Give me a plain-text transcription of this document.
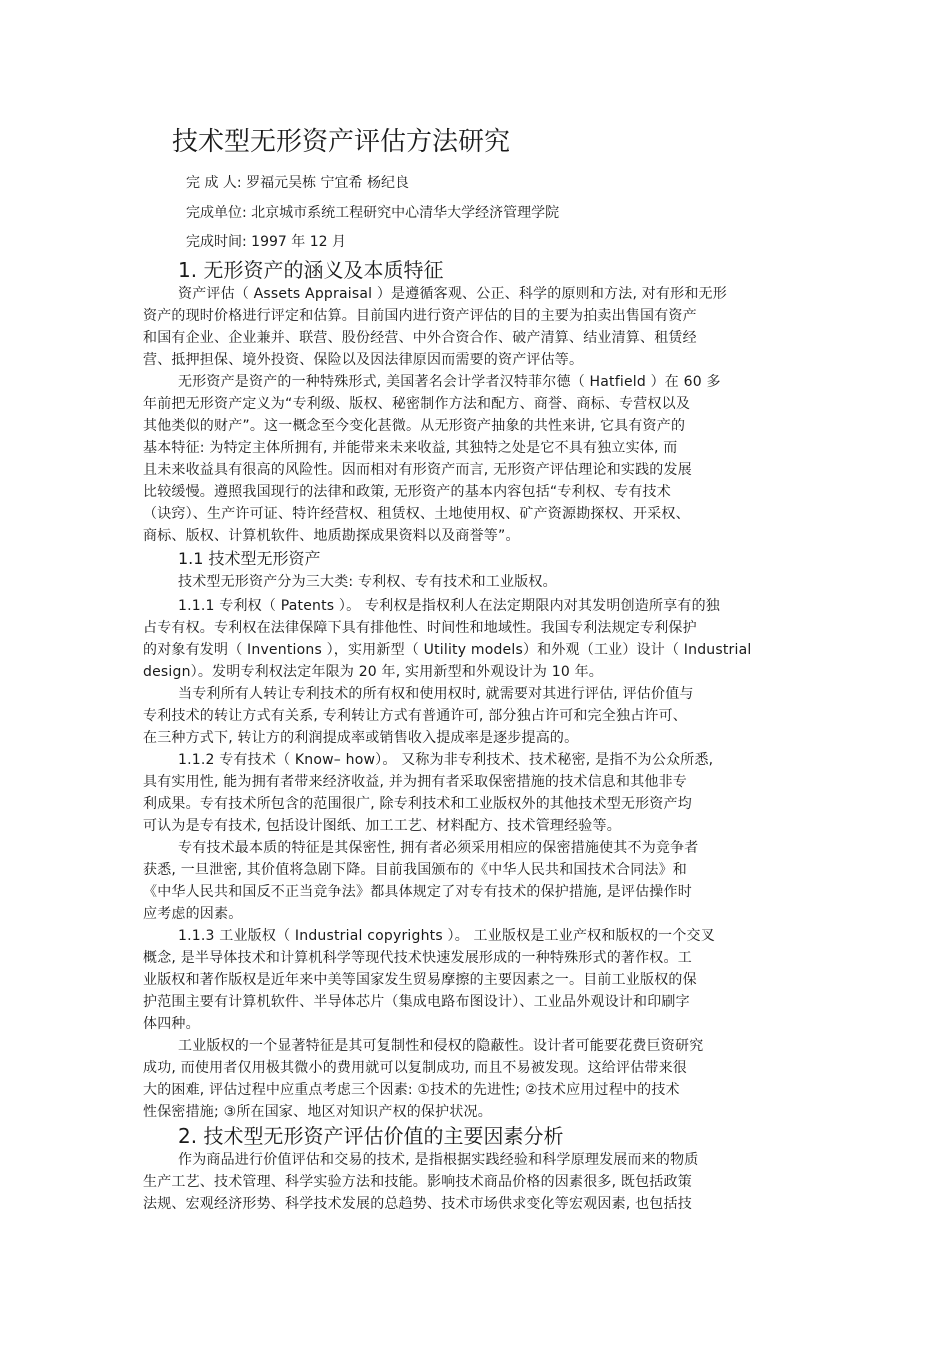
技术型无形资产评估方法研究
完 成 人: 罗福元吴栋 宁宜希 杨纪良
完成单位: 北京城市系统工程研究中心清华大学经济管理学院
完成时间: 1997 年 12 月
1. 无形资产的涵义及本质特征
资产评估（ Assets Appraisal ）是遵循客观、公正、科学的原则和方法, 对有形和无形
资产的现时价格进行评定和估算。目前国内进行资产评估的目的主要为拍卖出售国有资产
和国有企业、企业兼并、联营、股份经营、中外合资合作、破产清算、结业清算、租赁经
营、抵押担保、境外投资、保险以及因法律原因而需要的资产评估等。
无形资产是资产的一种特殊形式, 美国著名会计学者汉特菲尔德（ Hatfield ）在 60 多
年前把无形资产定义为“专利级、版权、秘密制作方法和配方、商誉、商标、专营权以及
其他类似的财产”。这一概念至今变化甚微。从无形资产抽象的共性来讲, 它具有资产的
基本特征: 为特定主体所拥有, 并能带来未来收益, 其独特之处是它不具有独立实体, 而
且未来收益具有很高的风险性。因而相对有形资产而言, 无形资产评估理论和实践的发展
比较缓慢。遵照我国现行的法律和政策, 无形资产的基本内容包括“专利权、专有技术
（诀窍）、生产许可证、特许经营权、租赁权、土地使用权、矿产资源勘探权、开采权、
商标、版权、计算机软件、地质勘探成果资料以及商誉等”。
1.1 技术型无形资产
技术型无形资产分为三大类: 专利权、专有技术和工业版权。
1.1.1 专利权（ Patents ）。 专利权是指权利人在法定期限内对其发明创造所享有的独
占专有权。专利权在法律保障下具有排他性、时间性和地域性。我国专利法规定专利保护
的对象有发明（ Inventions ），实用新型（ Utility models）和外观（工业）设计（ Industrial
design）。发明专利权法定年限为 20 年, 实用新型和外观设计为 10 年。
当专利所有人转让专利技术的所有权和使用权时, 就需要对其进行评估, 评估价值与
专利技术的转让方式有关系, 专利转让方式有普通许可, 部分独占许可和完全独占许可、
在三种方式下, 转让方的利润提成率或销售收入提成率是逐步提高的。
1.1.2 专有技术（ Know– how）。 又称为非专利技术、技术秘密, 是指不为公众所悉,
具有实用性, 能为拥有者带来经济收益, 并为拥有者采取保密措施的技术信息和其他非专
利成果。专有技术所包含的范围很广, 除专利技术和工业版权外的其他技术型无形资产均
可认为是专有技术, 包括设计图纸、加工工艺、材料配方、技术管理经验等。
专有技术最本质的特征是其保密性, 拥有者必须采用相应的保密措施使其不为竞争者
获悉, 一旦泄密, 其价值将急剧下降。目前我国颁布的《中华人民共和国技术合同法》和
《中华人民共和国反不正当竞争法》都具体规定了对专有技术的保护措施, 是评估操作时
应考虑的因素。
1.1.3 工业版权（ Industrial copyrights ）。 工业版权是工业产权和版权的一个交叉
概念, 是半导体技术和计算机科学等现代技术快速发展形成的一种特殊形式的著作权。工
业版权和著作版权是近年来中美等国家发生贸易摩擦的主要因素之一。目前工业版权的保
护范围主要有计算机软件、半导体芯片（集成电路布图设计）、工业品外观设计和印刷字
体四种。
工业版权的一个显著特征是其可复制性和侵权的隐蔽性。设计者可能要花费巨资研究
成功, 而使用者仅用极其微小的费用就可以复制成功, 而且不易被发现。这给评估带来很
大的困难, 评估过程中应重点考虑三个因素: ①技术的先进性; ②技术应用过程中的技术
性保密措施; ③所在国家、地区对知识产权的保护状况。
2. 技术型无形资产评估价值的主要因素分析
作为商品进行价值评估和交易的技术, 是指根据实践经验和科学原理发展而来的物质
生产工艺、技术管理、科学实验方法和技能。影响技术商品价格的因素很多, 既包括政策
法规、宏观经济形势、科学技术发展的总趋势、技术市场供求变化等宏观因素, 也包括技
